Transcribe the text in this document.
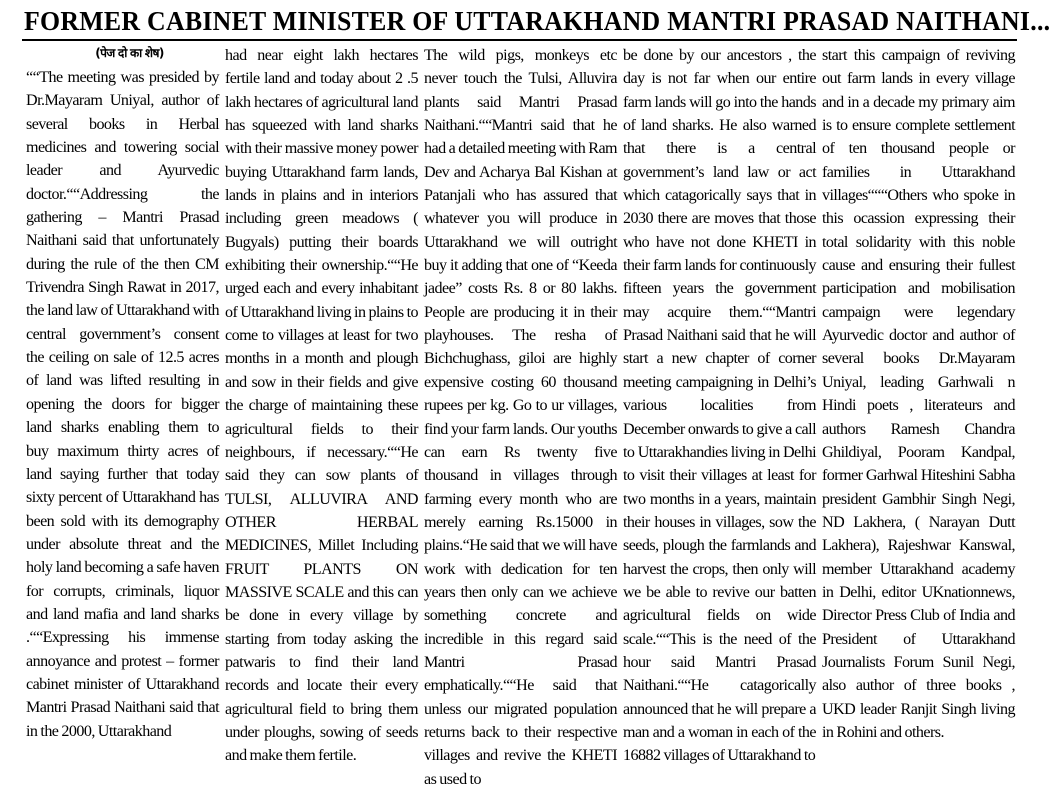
FORMER CABINET MINISTER OF UTTARAKHAND MANTRI PRASAD NAITHANI...
(पेज दो का शेष)
““The meeting was presided by Dr.Mayaram Uniyal, author of several books in Herbal medicines and towering social leader and Ayurvedic doctor.““Addressing the gathering – Mantri Prasad Naithani said that unfortunately during the rule of the then CM Trivendra Singh Rawat in 2017, the land law of Uttarakhand with central government’s consent the ceiling on sale of 12.5 acres of land was lifted resulting in opening the doors for bigger land sharks enabling them to buy maximum thirty acres of land saying further that today sixty percent of Uttarakhand has been sold with its demography under absolute threat and the holy land becoming a safe haven for corrupts, criminals, liquor and land mafia and land sharks .““Expressing his immense annoyance and protest – former cabinet minister of Uttarakhand Mantri Prasad Naithani said that in the 2000, Uttarakhand
had near eight lakh hectares fertile land and today about 2 .5 lakh hectares of agricultural land has squeezed with land sharks with their massive money power buying Uttarakhand farm lands, lands in plains and in interiors including green meadows ( Bugyals) putting their boards exhibiting their ownership.““He urged each and every inhabitant of Uttarakhand living in plains to come to villages at least for two months in a month and plough and sow in their fields and give the charge of maintaining these agricultural fields to their neighbours, if necessary.““He said they can sow plants of TULSI, ALLUVIRA AND OTHER HERBAL MEDICINES, Millet Including FRUIT PLANTS ON MASSIVE SCALE and this can be done in every village by starting from today asking the patwaris to find their land records and locate their every agricultural field to bring them under ploughs, sowing of seeds and make them fertile.
The wild pigs, monkeys etc never touch the Tulsi, Alluvira plants said Mantri Prasad Naithani.““Mantri said that he had a detailed meeting with Ram Dev and Acharya Bal Kishan at Patanjali who has assured that whatever you will produce in Uttarakhand we will outright buy it adding that one of “Keeda jadee” costs Rs. 8 or 80 lakhs. People are producing it in their playhouses. The resha of Bichchughass, giloi are highly expensive costing 60 thousand rupees per kg. Go to ur villages, find your farm lands. Our youths can earn Rs twenty five thousand in villages through farming every month who are merely earning Rs.15000 in plains.“He said that we will have work with dedication for ten years then only can we achieve something concrete and incredible in this regard said Mantri Prasad emphatically.““He said that unless our migrated population returns back to their respective villages and revive the KHETI as used to
be done by our ancestors , the day is not far when our entire farm lands will go into the hands of land sharks. He also warned that there is a central government’s land law or act which catagorically says that in 2030 there are moves that those who have not done KHETI in their farm lands for continuously fifteen years the government may acquire them.““Mantri Prasad Naithani said that he will start a new chapter of corner meeting campaigning in Delhi’s various localities from December onwards to give a call to Uttarakhandies living in Delhi to visit their villages at least for two months in a years, maintain their houses in villages, sow the seeds, plough the farmlands and harvest the crops, then only will we be able to revive our batten agricultural fields on wide scale.““This is the need of the hour said Mantri Prasad Naithani.““He catagorically announced that he will prepare a man and a woman in each of the 16882 villages of Uttarakhand to
start this campaign of reviving out farm lands in every village and in a decade my primary aim is to ensure complete settlement of ten thousand people or families in Uttarakhand villages“““Others who spoke in this ocassion expressing their total solidarity with this noble cause and ensuring their fullest participation and mobilisation campaign were legendary Ayurvedic doctor and author of several books Dr.Mayaram Uniyal, leading Garhwali n Hindi poets , literateurs and authors Ramesh Chandra Ghildiyal, Pooram Kandpal, former Garhwal Hiteshini Sabha president Gambhir Singh Negi, ND Lakhera, ( Narayan Dutt Lakhera), Rajeshwar Kanswal, member Uttarakhand academy in Delhi, editor UKnationnews, Director Press Club of India and President of Uttarakhand Journalists Forum Sunil Negi, also author of three books , UKD leader Ranjit Singh living in Rohini and others.
